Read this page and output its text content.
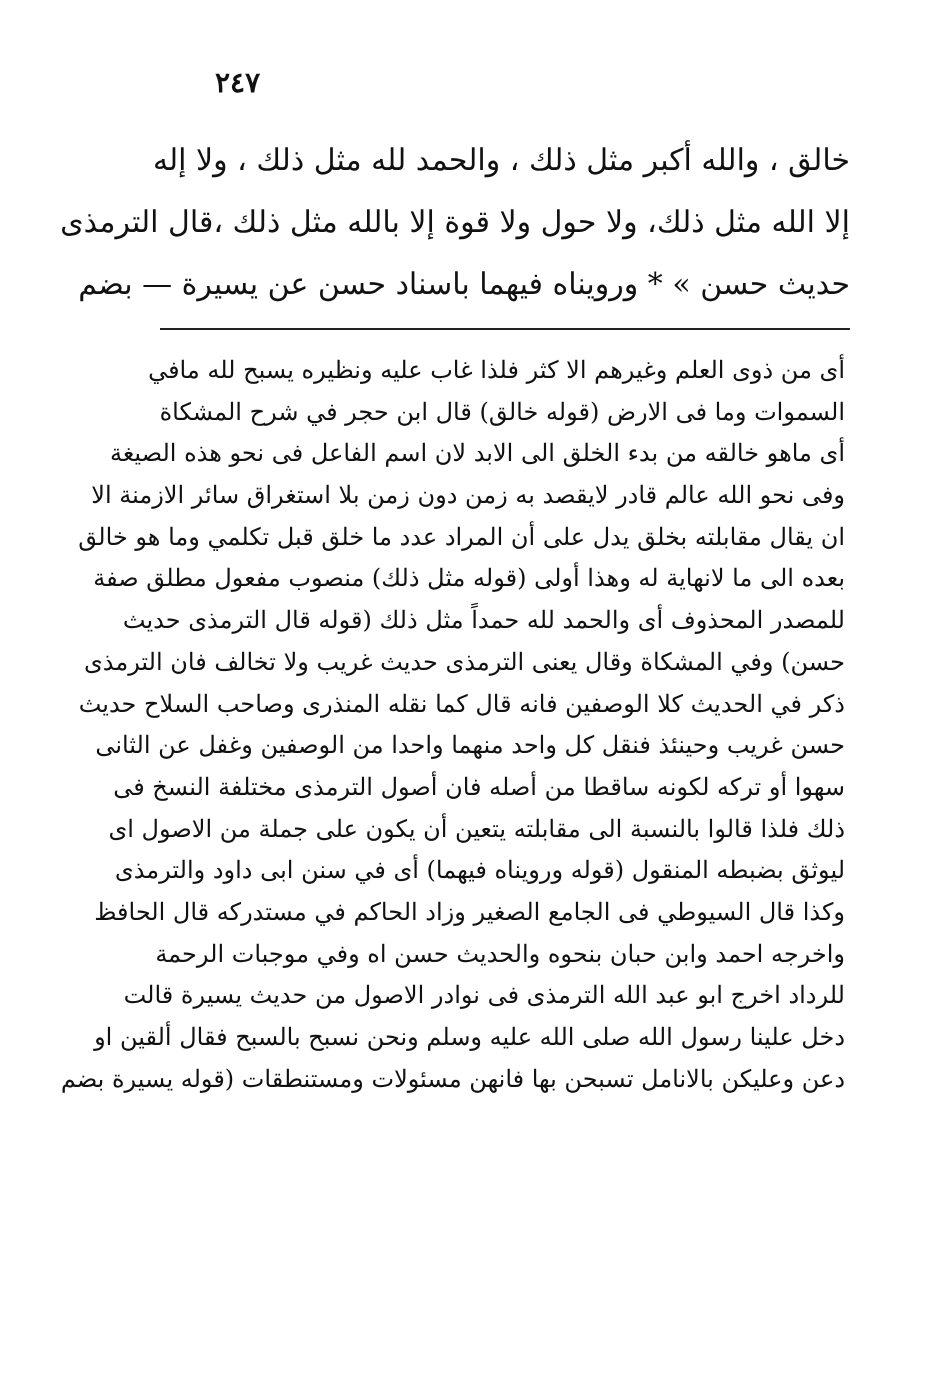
٢٤٧
خالق ، والله أكبر مثل ذلك ، والحمد لله مثل ذلك ، ولا إله
إلا الله مثل ذلك، ولا حول ولا قوة إلا بالله مثل ذلك ،قال الترمذى
حديث حسن » * ورويناه فيهما باسناد حسن عن يسيرة — بضم
أى من ذوى العلم وغيرهم الا كثر فلذا غاب عليه ونظيره يسبح لله مافي
السموات وما فى الارض (قوله خالق) قال ابن حجر في شرح المشكاة
أى ماهو خالقه من بدء الخلق الى الابد لان اسم الفاعل فى نحو هذه الصيغة
وفى نحو الله عالم قادر لايقصد به زمن دون زمن بلا استغراق سائر الازمنة الا
ان يقال مقابلته بخلق يدل على أن المراد عدد ما خلق قبل تكلمي وما هو خالق
بعده الى ما لانهاية له وهذا أولى (قوله مثل ذلك) منصوب مفعول مطلق صفة
للمصدر المحذوف أى والحمد لله حمداً مثل ذلك (قوله قال الترمذى حديث
حسن) وفي المشكاة وقال يعنى الترمذى حديث غريب ولا تخالف فان الترمذى
ذكر في الحديث كلا الوصفين فانه قال كما نقله المنذرى وصاحب السلاح حديث
حسن غريب وحينئذ فنقل كل واحد منهما واحدا من الوصفين وغفل عن الثانى
سهوا أو تركه لكونه ساقطا من أصله فان أصول الترمذى مختلفة النسخ فى
ذلك فلذا قالوا بالنسبة الى مقابلته يتعين أن يكون على جملة من الاصول اى
ليوثق بضبطه المنقول (قوله ورويناه فيهما) أى في سنن ابى داود والترمذى
وكذا قال السيوطي فى الجامع الصغير وزاد الحاكم في مستدركه قال الحافظ
واخرجه احمد وابن حبان بنحوه والحديث حسن اه وفي موجبات الرحمة
للرداد اخرج ابو عبد الله الترمذى فى نوادر الاصول من حديث يسيرة قالت
دخل علينا رسول الله صلى الله عليه وسلم ونحن نسبح بالسبح فقال ألقين او
دعن وعليكن بالانامل تسبحن بها فانهن مسئولات ومستنطقات (قوله يسيرة بضم
